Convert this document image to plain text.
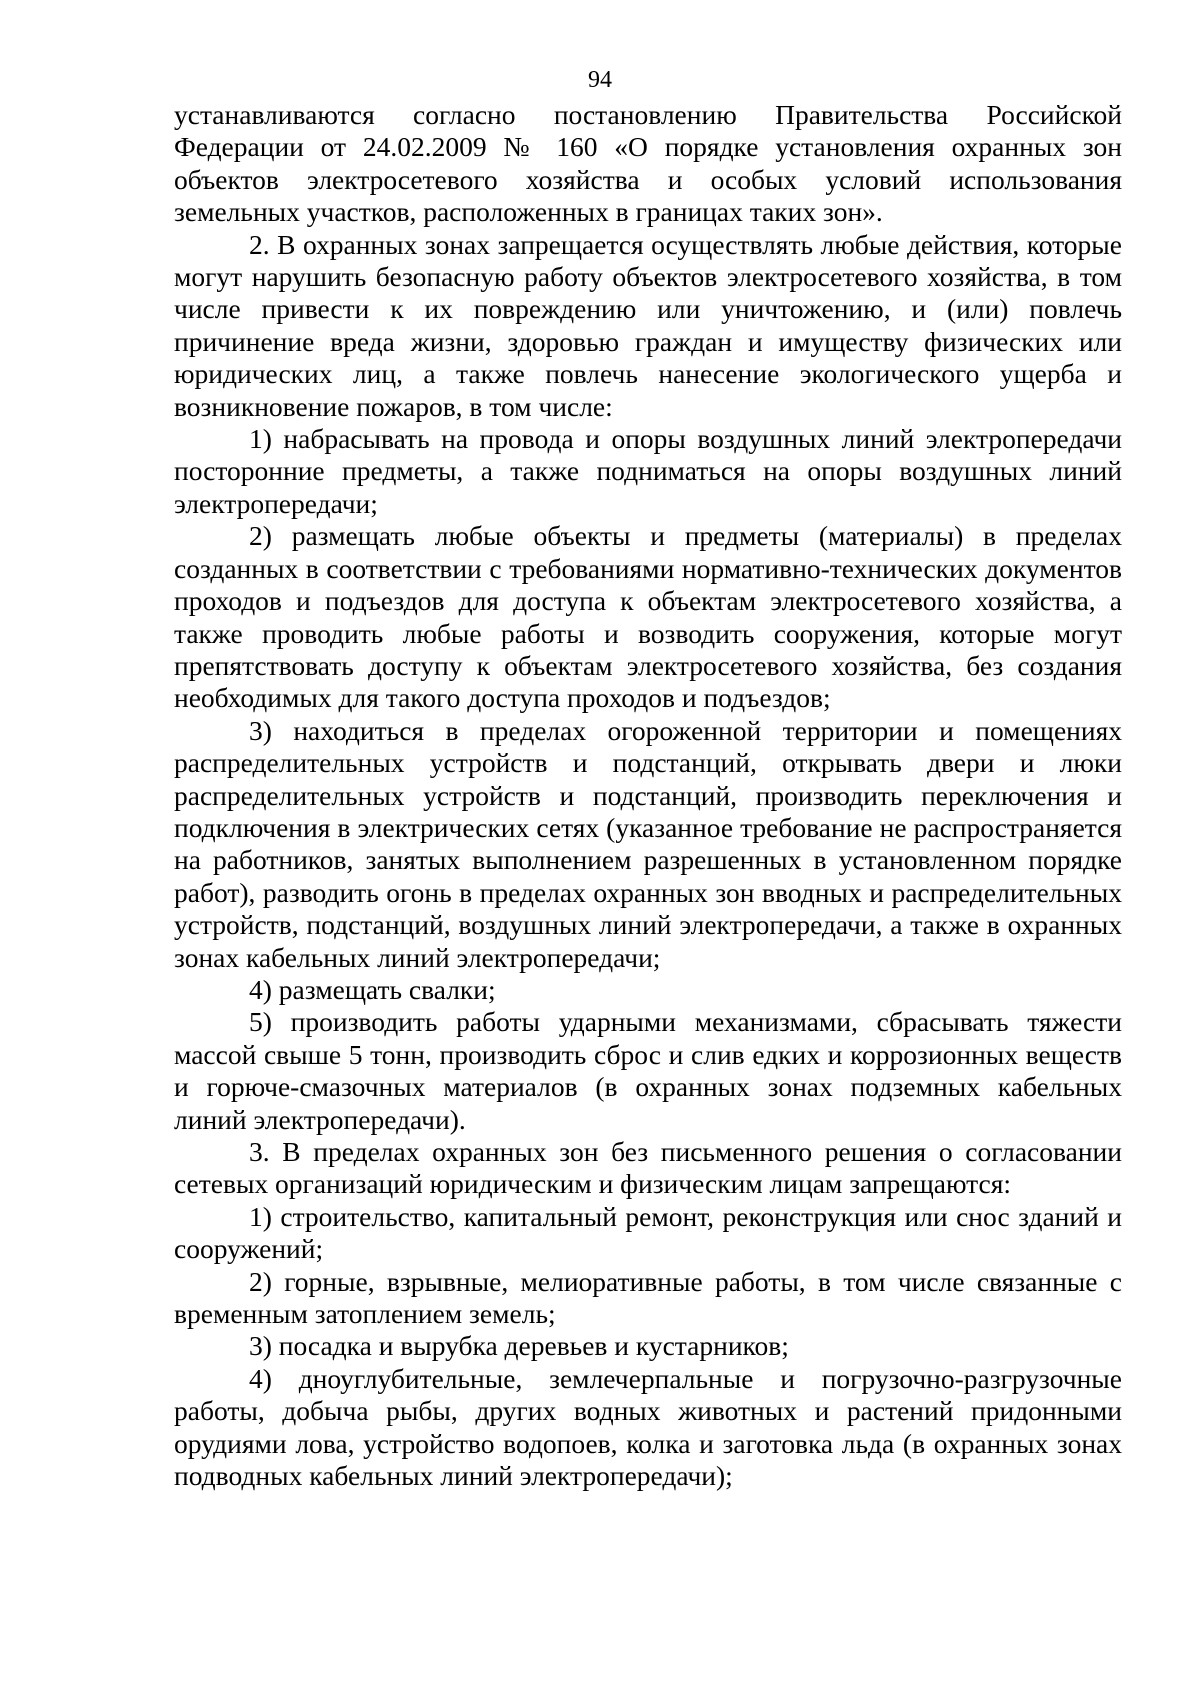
94

устанавливаются согласно постановлению Правительства Российской Федерации от 24.02.2009 № 160 «О порядке установления охранных зон объектов электросетевого хозяйства и особых условий использования земельных участков, расположенных в границах таких зон».

2. В охранных зонах запрещается осуществлять любые действия, которые могут нарушить безопасную работу объектов электросетевого хозяйства, в том числе привести к их повреждению или уничтожению, и (или) повлечь причинение вреда жизни, здоровью граждан и имуществу физических или юридических лиц, а также повлечь нанесение экологического ущерба и возникновение пожаров, в том числе:

1) набрасывать на провода и опоры воздушных линий электропередачи посторонние предметы, а также подниматься на опоры воздушных линий электропередачи;

2) размещать любые объекты и предметы (материалы) в пределах созданных в соответствии с требованиями нормативно-технических документов проходов и подъездов для доступа к объектам электросетевого хозяйства, а также проводить любые работы и возводить сооружения, которые могут препятствовать доступу к объектам электросетевого хозяйства, без создания необходимых для такого доступа проходов и подъездов;

3) находиться в пределах огороженной территории и помещениях распределительных устройств и подстанций, открывать двери и люки распределительных устройств и подстанций, производить переключения и подключения в электрических сетях (указанное требование не распространяется на работников, занятых выполнением разрешенных в установленном порядке работ), разводить огонь в пределах охранных зон вводных и распределительных устройств, подстанций, воздушных линий электропередачи, а также в охранных зонах кабельных линий электропередачи;

4) размещать свалки;

5) производить работы ударными механизмами, сбрасывать тяжести массой свыше 5 тонн, производить сброс и слив едких и коррозионных веществ и горюче-смазочных материалов (в охранных зонах подземных кабельных линий электропередачи).

3. В пределах охранных зон без письменного решения о согласовании сетевых организаций юридическим и физическим лицам запрещаются:

1) строительство, капитальный ремонт, реконструкция или снос зданий и сооружений;

2) горные, взрывные, мелиоративные работы, в том числе связанные с временным затоплением земель;

3) посадка и вырубка деревьев и кустарников;

4) дноуглубительные, землечерпальные и погрузочно-разгрузочные работы, добыча рыбы, других водных животных и растений придонными орудиями лова, устройство водопоев, колка и заготовка льда (в охранных зонах подводных кабельных линий электропередачи);
